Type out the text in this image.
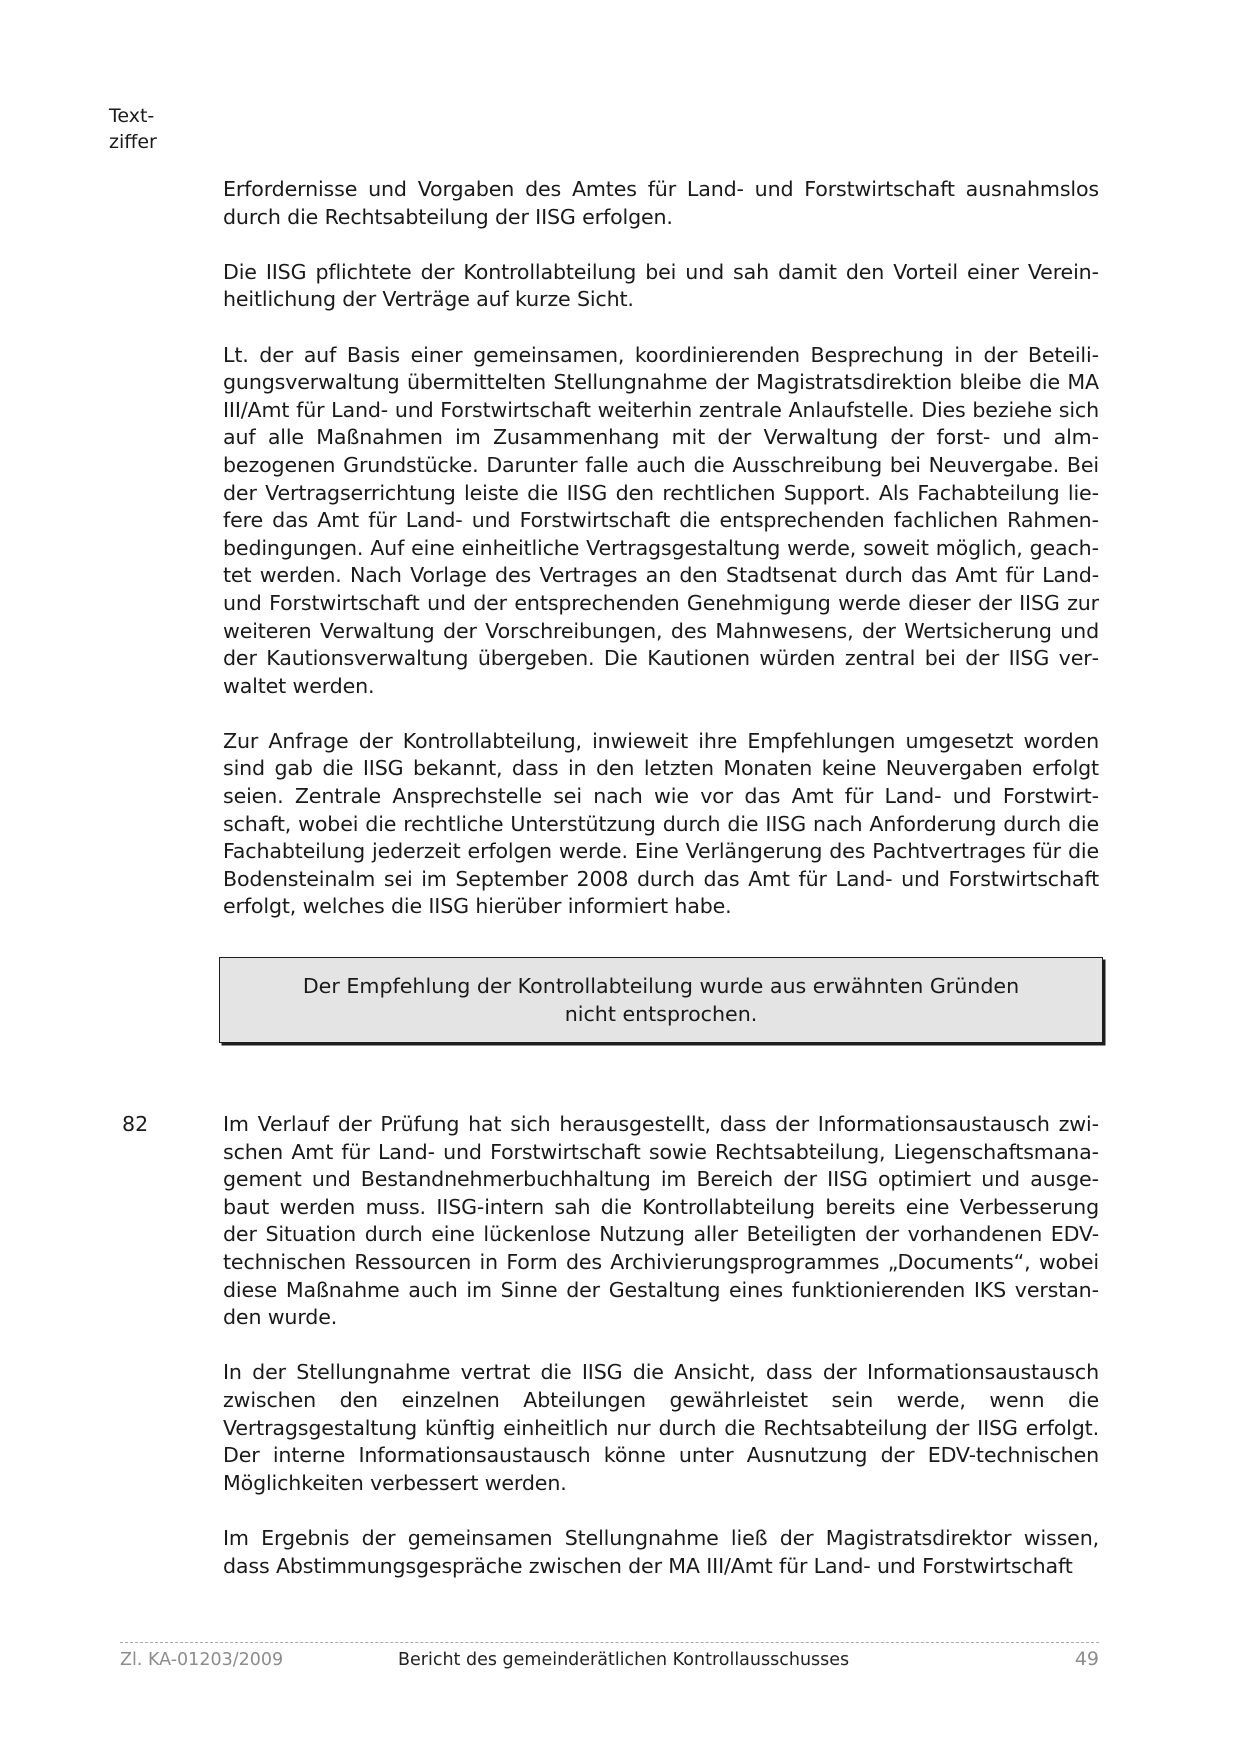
Text-
ziffer

Erfordernisse und Vorgaben des Amtes für Land- und Forstwirtschaft ausnahmslos durch die Rechtsabteilung der IISG erfolgen.

Die IISG pflichtete der Kontrollabteilung bei und sah damit den Vorteil einer Vereinheitlichung der Verträge auf kurze Sicht.

Lt. der auf Basis einer gemeinsamen, koordinierenden Besprechung in der Beteiligungsverwaltung übermittelten Stellungnahme der Magistratsdirektion bleibe die MA III/Amt für Land- und Forstwirtschaft weiterhin zentrale Anlaufstelle. Dies beziehe sich auf alle Maßnahmen im Zusammenhang mit der Verwaltung der forst- und almbezogenen Grundstücke. Darunter falle auch die Ausschreibung bei Neuvergabe. Bei der Vertragserrichtung leiste die IISG den rechtlichen Support. Als Fachabteilung liefere das Amt für Land- und Forstwirtschaft die entsprechenden fachlichen Rahmenbedingungen. Auf eine einheitliche Vertragsgestaltung werde, soweit möglich, geachtet werden. Nach Vorlage des Vertrages an den Stadtsenat durch das Amt für Land- und Forstwirtschaft und der entsprechenden Genehmigung werde dieser der IISG zur weiteren Verwaltung der Vorschreibungen, des Mahnwesens, der Wertsicherung und der Kautionsverwaltung übergeben. Die Kautionen würden zentral bei der IISG verwaltet werden.

Zur Anfrage der Kontrollabteilung, inwieweit ihre Empfehlungen umgesetzt worden sind gab die IISG bekannt, dass in den letzten Monaten keine Neuvergaben erfolgt seien. Zentrale Ansprechstelle sei nach wie vor das Amt für Land- und Forstwirtschaft, wobei die rechtliche Unterstützung durch die IISG nach Anforderung durch die Fachabteilung jederzeit erfolgen werde. Eine Verlängerung des Pachtvertrages für die Bodensteinalm sei im September 2008 durch das Amt für Land- und Forstwirtschaft erfolgt, welches die IISG hierüber informiert habe.

Der Empfehlung der Kontrollabteilung wurde aus erwähnten Gründen nicht entsprochen.

82	Im Verlauf der Prüfung hat sich herausgestellt, dass der Informationsaustausch zwischen Amt für Land- und Forstwirtschaft sowie Rechtsabteilung, Liegenschaftsmanagement und Bestandnehmerbuchhaltung im Bereich der IISG optimiert und ausgebaut werden muss. IISG-intern sah die Kontrollabteilung bereits eine Verbesserung der Situation durch eine lückenlose Nutzung aller Beteiligten der vorhandenen EDV-technischen Ressourcen in Form des Archivierungsprogrammes „Documents“, wobei diese Maßnahme auch im Sinne der Gestaltung eines funktionierenden IKS verstanden wurde.

In der Stellungnahme vertrat die IISG die Ansicht, dass der Informationsaustausch zwischen den einzelnen Abteilungen gewährleistet sein werde, wenn die Vertragsgestaltung künftig einheitlich nur durch die Rechtsabteilung der IISG erfolgt. Der interne Informationsaustausch könne unter Ausnutzung der EDV-technischen Möglichkeiten verbessert werden.

Im Ergebnis der gemeinsamen Stellungnahme ließ der Magistratsdirektor wissen, dass Abstimmungsgespräche zwischen der MA III/Amt für Land- und Forstwirtschaft

Zl. KA-01203/2009	Bericht des gemeinderätlichen Kontrollausschusses	49
